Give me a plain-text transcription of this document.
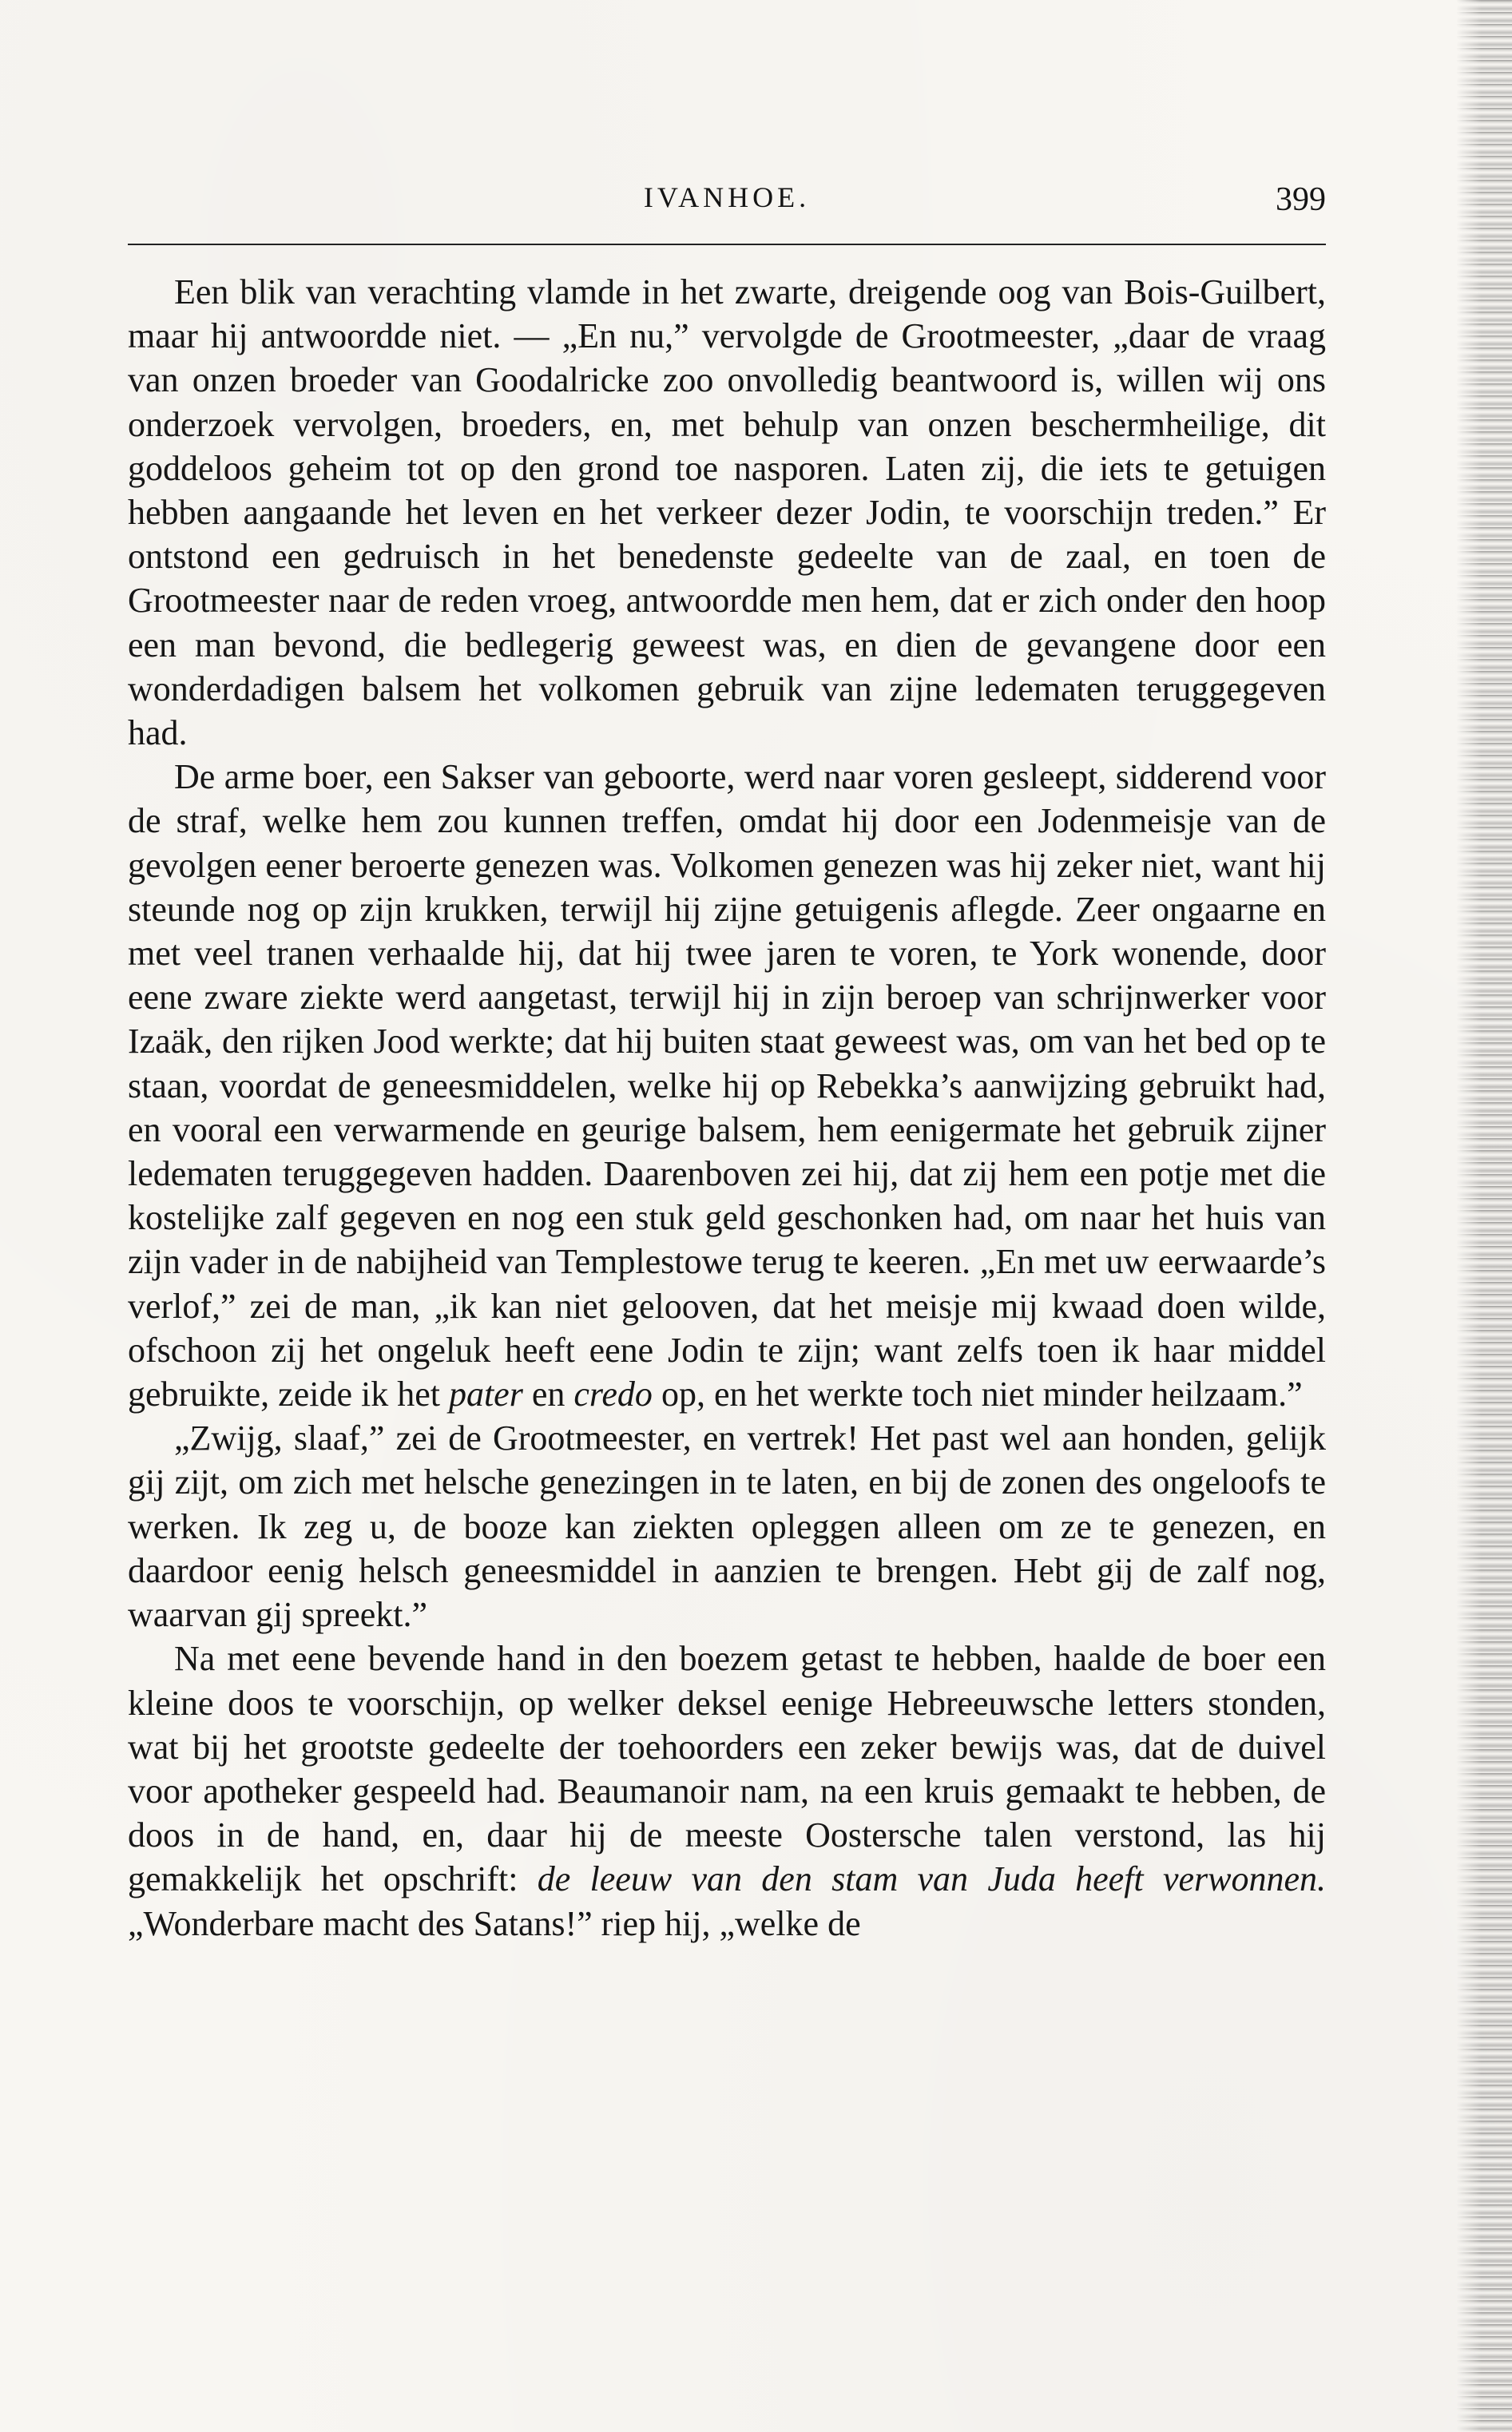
IVANHOE.	399

Een blik van verachting vlamde in het zwarte, dreigende oog van Bois-Guilbert, maar hij antwoordde niet. — „En nu,” vervolgde de Grootmeester, „daar de vraag van onzen broeder van Goodalricke zoo onvolledig beantwoord is, willen wij ons onderzoek vervolgen, broeders, en, met behulp van onzen beschermheilige, dit goddeloos geheim tot op den grond toe nasporen. Laten zij, die iets te getuigen hebben aangaande het leven en het verkeer dezer Jodin, te voorschijn treden.” Er ontstond een gedruisch in het benedenste gedeelte van de zaal, en toen de Grootmeester naar de reden vroeg, antwoordde men hem, dat er zich onder den hoop een man bevond, die bedlegerig geweest was, en dien de gevangene door een wonderdadigen balsem het volkomen gebruik van zijne ledematen teruggegeven had.

De arme boer, een Sakser van geboorte, werd naar voren gesleept, sidderend voor de straf, welke hem zou kunnen treffen, omdat hij door een Jodenmeisje van de gevolgen eener beroerte genezen was. Volkomen genezen was hij zeker niet, want hij steunde nog op zijn krukken, terwijl hij zijne getuigenis aflegde. Zeer ongaarne en met veel tranen verhaalde hij, dat hij twee jaren te voren, te York wonende, door eene zware ziekte werd aangetast, terwijl hij in zijn beroep van schrijnwerker voor Izaäk, den rijken Jood werkte; dat hij buiten staat geweest was, om van het bed op te staan, voordat de geneesmiddelen, welke hij op Rebekka’s aanwijzing gebruikt had, en vooral een verwarmende en geurige balsem, hem eenigermate het gebruik zijner ledematen teruggegeven hadden. Daarenboven zei hij, dat zij hem een potje met die kostelijke zalf gegeven en nog een stuk geld geschonken had, om naar het huis van zijn vader in de nabijheid van Templestowe terug te keeren. „En met uw eerwaarde’s verlof,” zei de man, „ik kan niet gelooven, dat het meisje mij kwaad doen wilde, ofschoon zij het ongeluk heeft eene Jodin te zijn; want zelfs toen ik haar middel gebruikte, zeide ik het pater en credo op, en het werkte toch niet minder heilzaam.”

„Zwijg, slaaf,” zei de Grootmeester, en vertrek! Het past wel aan honden, gelijk gij zijt, om zich met helsche genezingen in te laten, en bij de zonen des ongeloofs te werken. Ik zeg u, de booze kan ziekten opleggen alleen om ze te genezen, en daardoor eenig helsch geneesmiddel in aanzien te brengen. Hebt gij de zalf nog, waarvan gij spreekt.”

Na met eene bevende hand in den boezem getast te hebben, haalde de boer een kleine doos te voorschijn, op welker deksel eenige Hebreeuwsche letters stonden, wat bij het grootste gedeelte der toehoorders een zeker bewijs was, dat de duivel voor apotheker gespeeld had. Beaumanoir nam, na een kruis gemaakt te hebben, de doos in de hand, en, daar hij de meeste Oostersche talen verstond, las hij gemakkelijk het opschrift: de leeuw van den stam van Juda heeft verwonnen. „Wonderbare macht des Satans!” riep hij, „welke de
